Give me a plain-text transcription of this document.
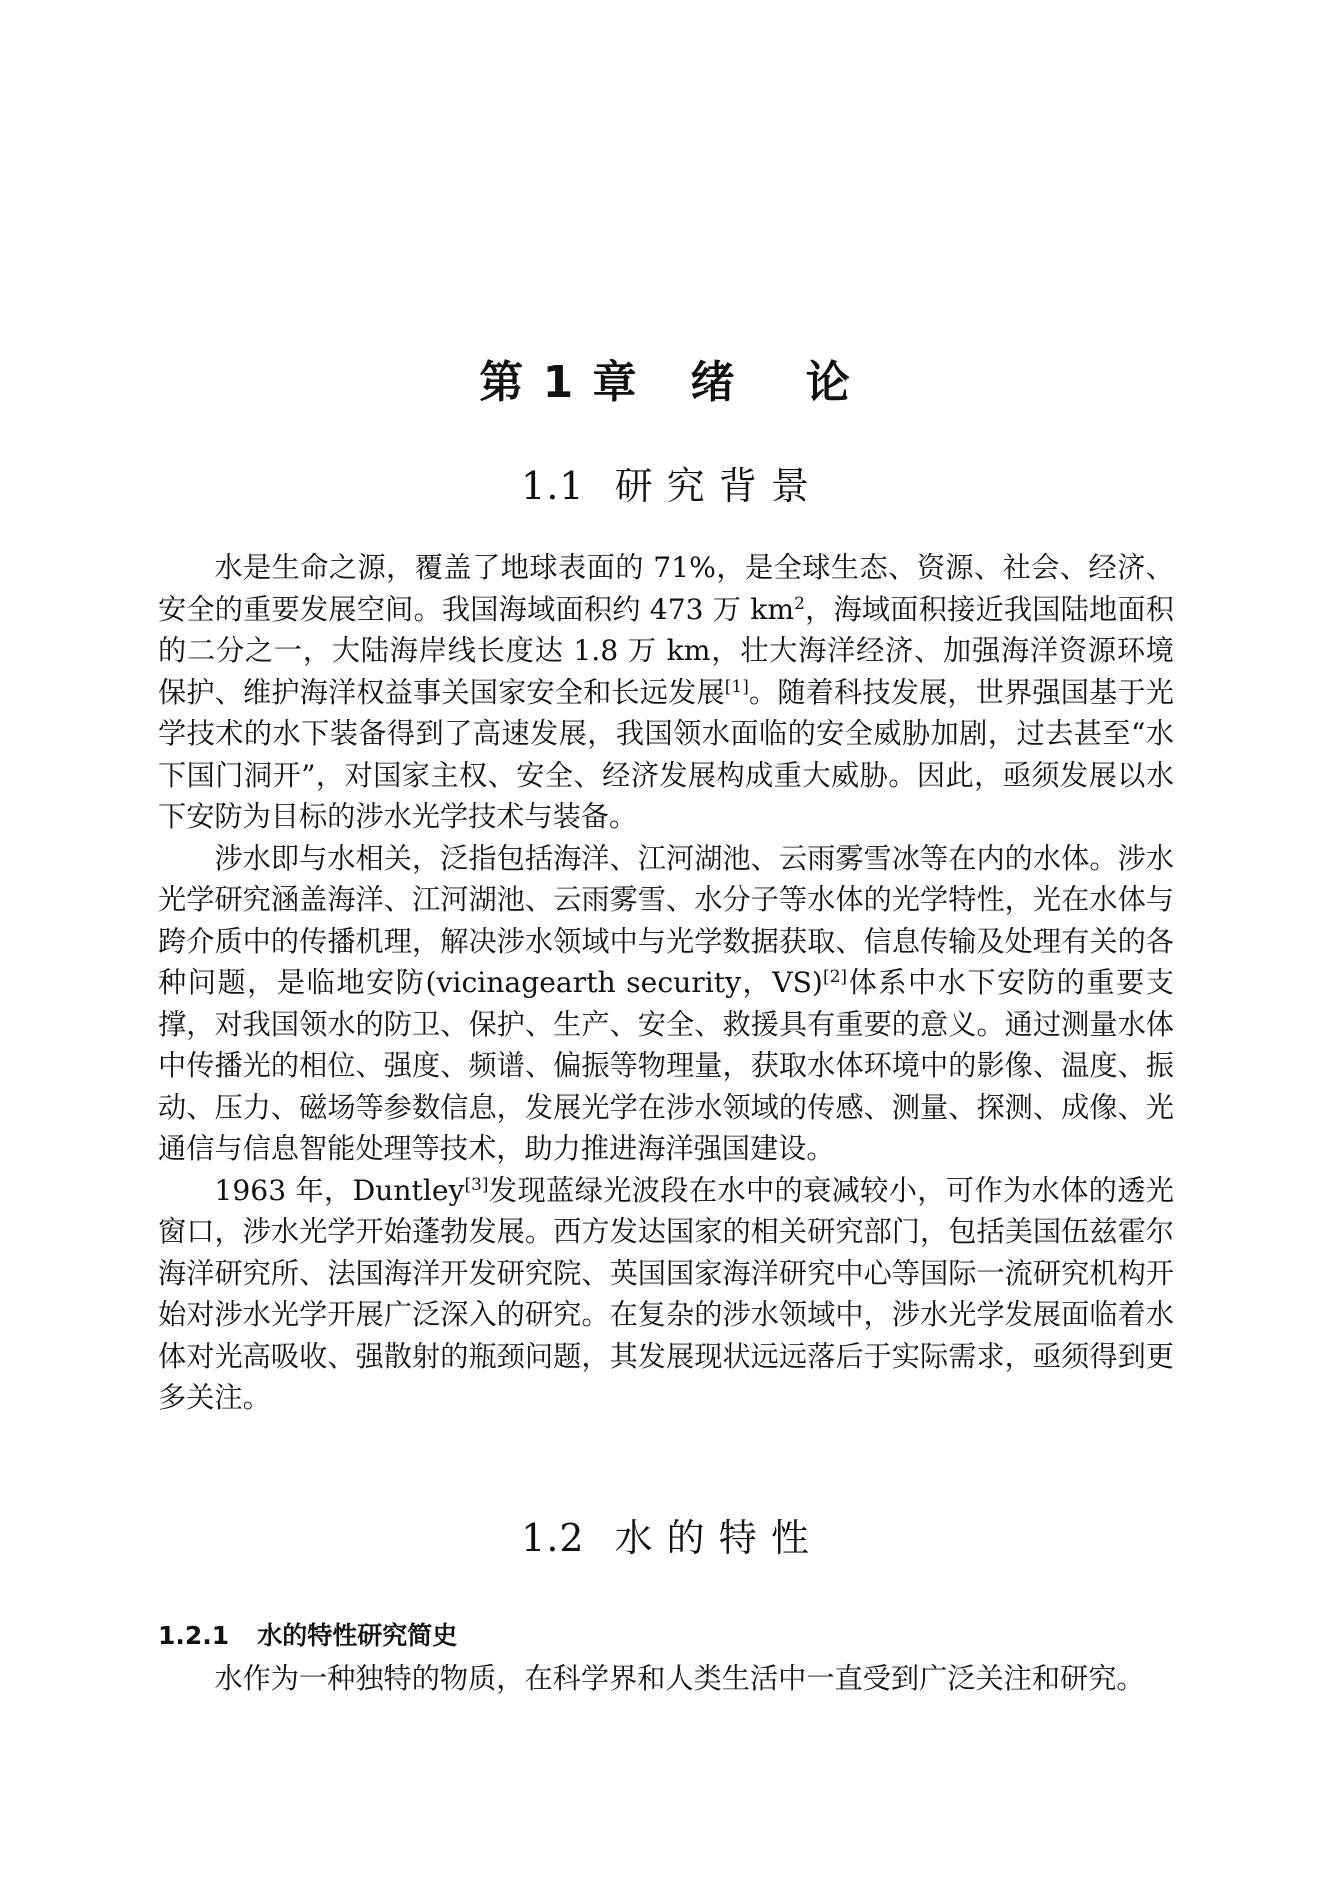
第 1 章   绪    论
1.1 研 究 背 景

水是生命之源，覆盖了地球表面的 71%，是全球生态、资源、社会、经济、安全的重要发展空间。我国海域面积约 473 万 $km^2$，海域面积接近我国陆地面积的二分之一，大陆海岸线长度达 1.8 万 km，壮大海洋经济、加强海洋资源环境保护、维护海洋权益事关国家安全和长远发展[1]。随着科技发展，世界强国基于光学技术的水下装备得到了高速发展，我国领水面临的安全威胁加剧，过去甚至“水下国门洞开”，对国家主权、安全、经济发展构成重大威胁。因此，亟须发展以水下安防为目标的涉水光学技术与装备。

涉水即与水相关，泛指包括海洋、江河湖池、云雨雾雪冰等在内的水体。涉水光学研究涵盖海洋、江河湖池、云雨雾雪、水分子等水体的光学特性，光在水体与跨介质中的传播机理，解决涉水领域中与光学数据获取、信息传输及处理有关的各种问题，是临地安防(vicinagearth security，VS)[2]体系中水下安防的重要支撑，对我国领水的防卫、保护、生产、安全、救援具有重要的意义。通过测量水体中传播光的相位、强度、频谱、偏振等物理量，获取水体环境中的影像、温度、振动、压力、磁场等参数信息，发展光学在涉水领域的传感、测量、探测、成像、光通信与信息智能处理等技术，助力推进海洋强国建设。

1963 年，Duntley[3]发现蓝绿光波段在水中的衰减较小，可作为水体的透光窗口，涉水光学开始蓬勃发展。西方发达国家的相关研究部门，包括美国伍兹霍尔海洋研究所、法国海洋开发研究院、英国国家海洋研究中心等国际一流研究机构开始对涉水光学开展广泛深入的研究。在复杂的涉水领域中，涉水光学发展面临着水体对光高吸收、强散射的瓶颈问题，其发展现状远远落后于实际需求，亟须得到更多关注。

1.2 水 的 特 性
1.2.1 水的特性研究简史

水作为一种独特的物质，在科学界和人类生活中一直受到广泛关注和研究。
